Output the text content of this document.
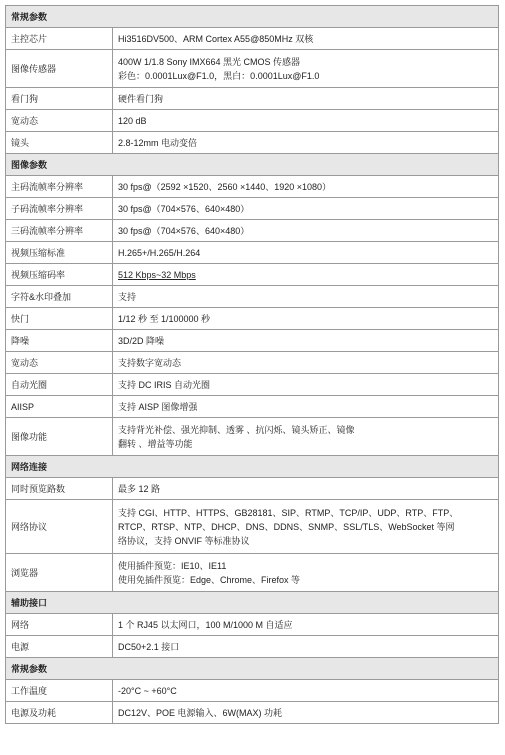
常规参数	
主控芯片	Hi3516DV500、ARM Cortex A55@850MHz 双核

图像传感器	400W 1/1.8 Sony IMX664 黑光 CMOS 传感器
彩色：0.0001Lux@F1.0，黑白：0.0001Lux@F1.0

看门狗	硬件看门狗

宽动态	120 dB

镜头	2.8-12mm 电动变倍

图像参数	
主码流帧率分辨率	30 fps@（2592 ×1520、2560 ×1440、1920 ×1080）

子码流帧率分辨率	30 fps@（704×576、640×480）

三码流帧率分辨率	30 fps@（704×576、640×480）

视频压缩标准	H.265+/H.265/H.264

视频压缩码率	512 Kbps~32 Mbps

字符&水印叠加	支持

快门	1/12 秒 至 1/100000 秒

降噪	3D/2D 降噪

宽动态	支持数字宽动态

自动光圈	支持 DC IRIS 自动光圈

AIISP	支持 AISP 图像增强

图像功能	支持背光补偿、强光抑制、透雾 、抗闪烁、镜头矫正、镜像
翻转 、增益等功能

网络连接	
同时预览路数	最多 12 路

网络协议	支持 CGI、HTTP、HTTPS、GB28181、SIP、RTMP、TCP/IP、UDP、RTP、FTP、
RTCP、RTSP、NTP、DHCP、DNS、DDNS、SNMP、SSL/TLS、WebSocket 等网
络协议，支持 ONVIF 等标准协议

浏览器	使用插件预览：IE10、IE11
使用免插件预览：Edge、Chrome、Firefox 等

辅助接口	
网络	1 个 RJ45 以太网口，100 M/1000 M 自适应

电源	DC50+2.1 接口

常规参数	
工作温度	-20°C ~ +60°C

电源及功耗	DC12V、POE 电源输入、6W(MAX) 功耗
